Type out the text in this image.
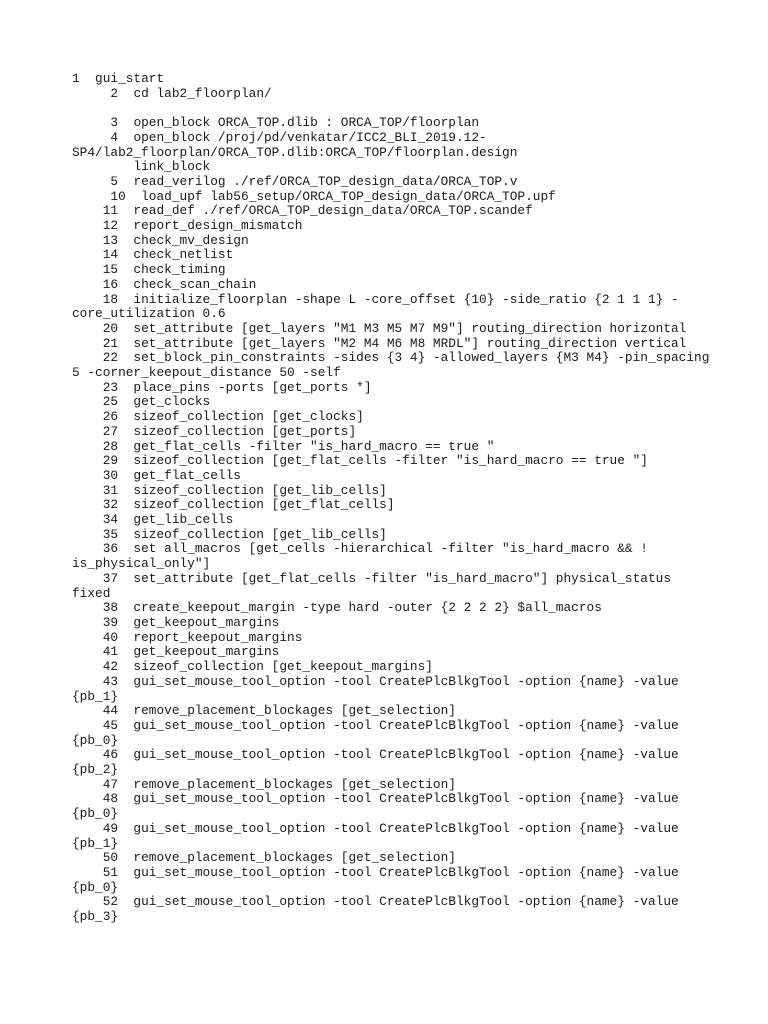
1  gui_start
2  cd lab2_floorplan/
3  open_block ORCA_TOP.dlib : ORCA_TOP/floorplan
4  open_block /proj/pd/venkatar/ICC2_BLI_2019.12-SP4/lab2_floorplan/ORCA_TOP.dlib:ORCA_TOP/floorplan.design
link_block
5  read_verilog ./ref/ORCA_TOP_design_data/ORCA_TOP.v
10  load_upf lab56_setup/ORCA_TOP_design_data/ORCA_TOP.upf
11  read_def ./ref/ORCA_TOP_design_data/ORCA_TOP.scandef
12  report_design_mismatch
13  check_mv_design
14  check_netlist
15  check_timing
16  check_scan_chain
18  initialize_floorplan -shape L -core_offset {10} -side_ratio {2 1 1 1} -core_utilization 0.6
20  set_attribute [get_layers "M1 M3 M5 M7 M9"] routing_direction horizontal
21  set_attribute [get_layers "M2 M4 M6 M8 MRDL"] routing_direction vertical
22  set_block_pin_constraints -sides {3 4} -allowed_layers {M3 M4} -pin_spacing 5 -corner_keepout_distance 50 -self
23  place_pins -ports [get_ports *]
25  get_clocks
26  sizeof_collection [get_clocks]
27  sizeof_collection [get_ports]
28  get_flat_cells -filter "is_hard_macro == true "
29  sizeof_collection [get_flat_cells -filter "is_hard_macro == true "]
30  get_flat_cells
31  sizeof_collection [get_lib_cells]
32  sizeof_collection [get_flat_cells]
34  get_lib_cells
35  sizeof_collection [get_lib_cells]
36  set all_macros [get_cells -hierarchical -filter "is_hard_macro && ! is_physical_only"]
37  set_attribute [get_flat_cells -filter "is_hard_macro"] physical_status fixed
38  create_keepout_margin -type hard -outer {2 2 2 2} $all_macros
39  get_keepout_margins
40  report_keepout_margins
41  get_keepout_margins
42  sizeof_collection [get_keepout_margins]
43  gui_set_mouse_tool_option -tool CreatePlcBlkgTool -option {name} -value {pb_1}
44  remove_placement_blockages [get_selection]
45  gui_set_mouse_tool_option -tool CreatePlcBlkgTool -option {name} -value {pb_0}
46  gui_set_mouse_tool_option -tool CreatePlcBlkgTool -option {name} -value {pb_2}
47  remove_placement_blockages [get_selection]
48  gui_set_mouse_tool_option -tool CreatePlcBlkgTool -option {name} -value {pb_0}
49  gui_set_mouse_tool_option -tool CreatePlcBlkgTool -option {name} -value {pb_1}
50  remove_placement_blockages [get_selection]
51  gui_set_mouse_tool_option -tool CreatePlcBlkgTool -option {name} -value {pb_0}
52  gui_set_mouse_tool_option -tool CreatePlcBlkgTool -option {name} -value {pb_3}
